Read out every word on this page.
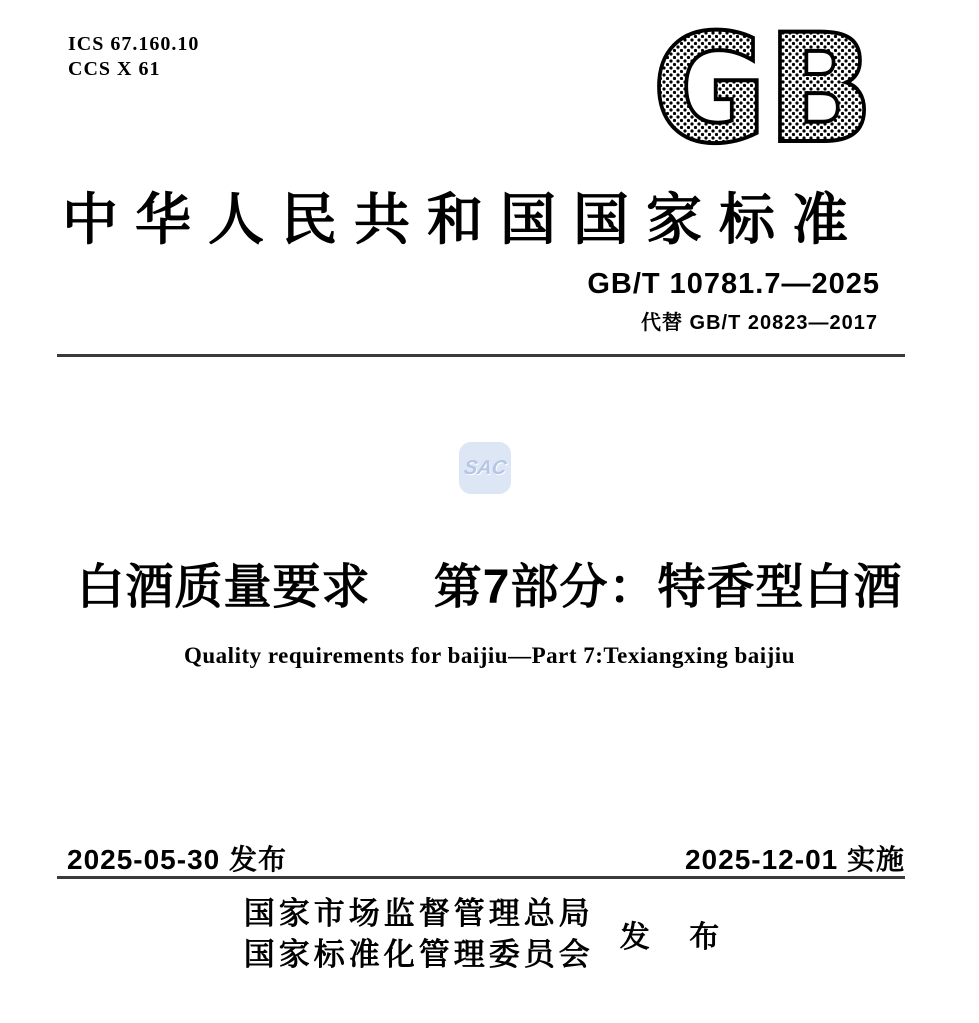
ICS 67.160.10
CCS X 61	GB
中华人民共和国国家标准
GB/T 10781.7—2025
代替 GB/T 20823—2017
SAC
白酒质量要求　 第7部分：特香型白酒
Quality requirements for baijiu—Part 7:Texiangxing baijiu
2025-05-30 发布	2025-12-01 实施
国家市场监督管理总局
国家标准化管理委员会 发 布
